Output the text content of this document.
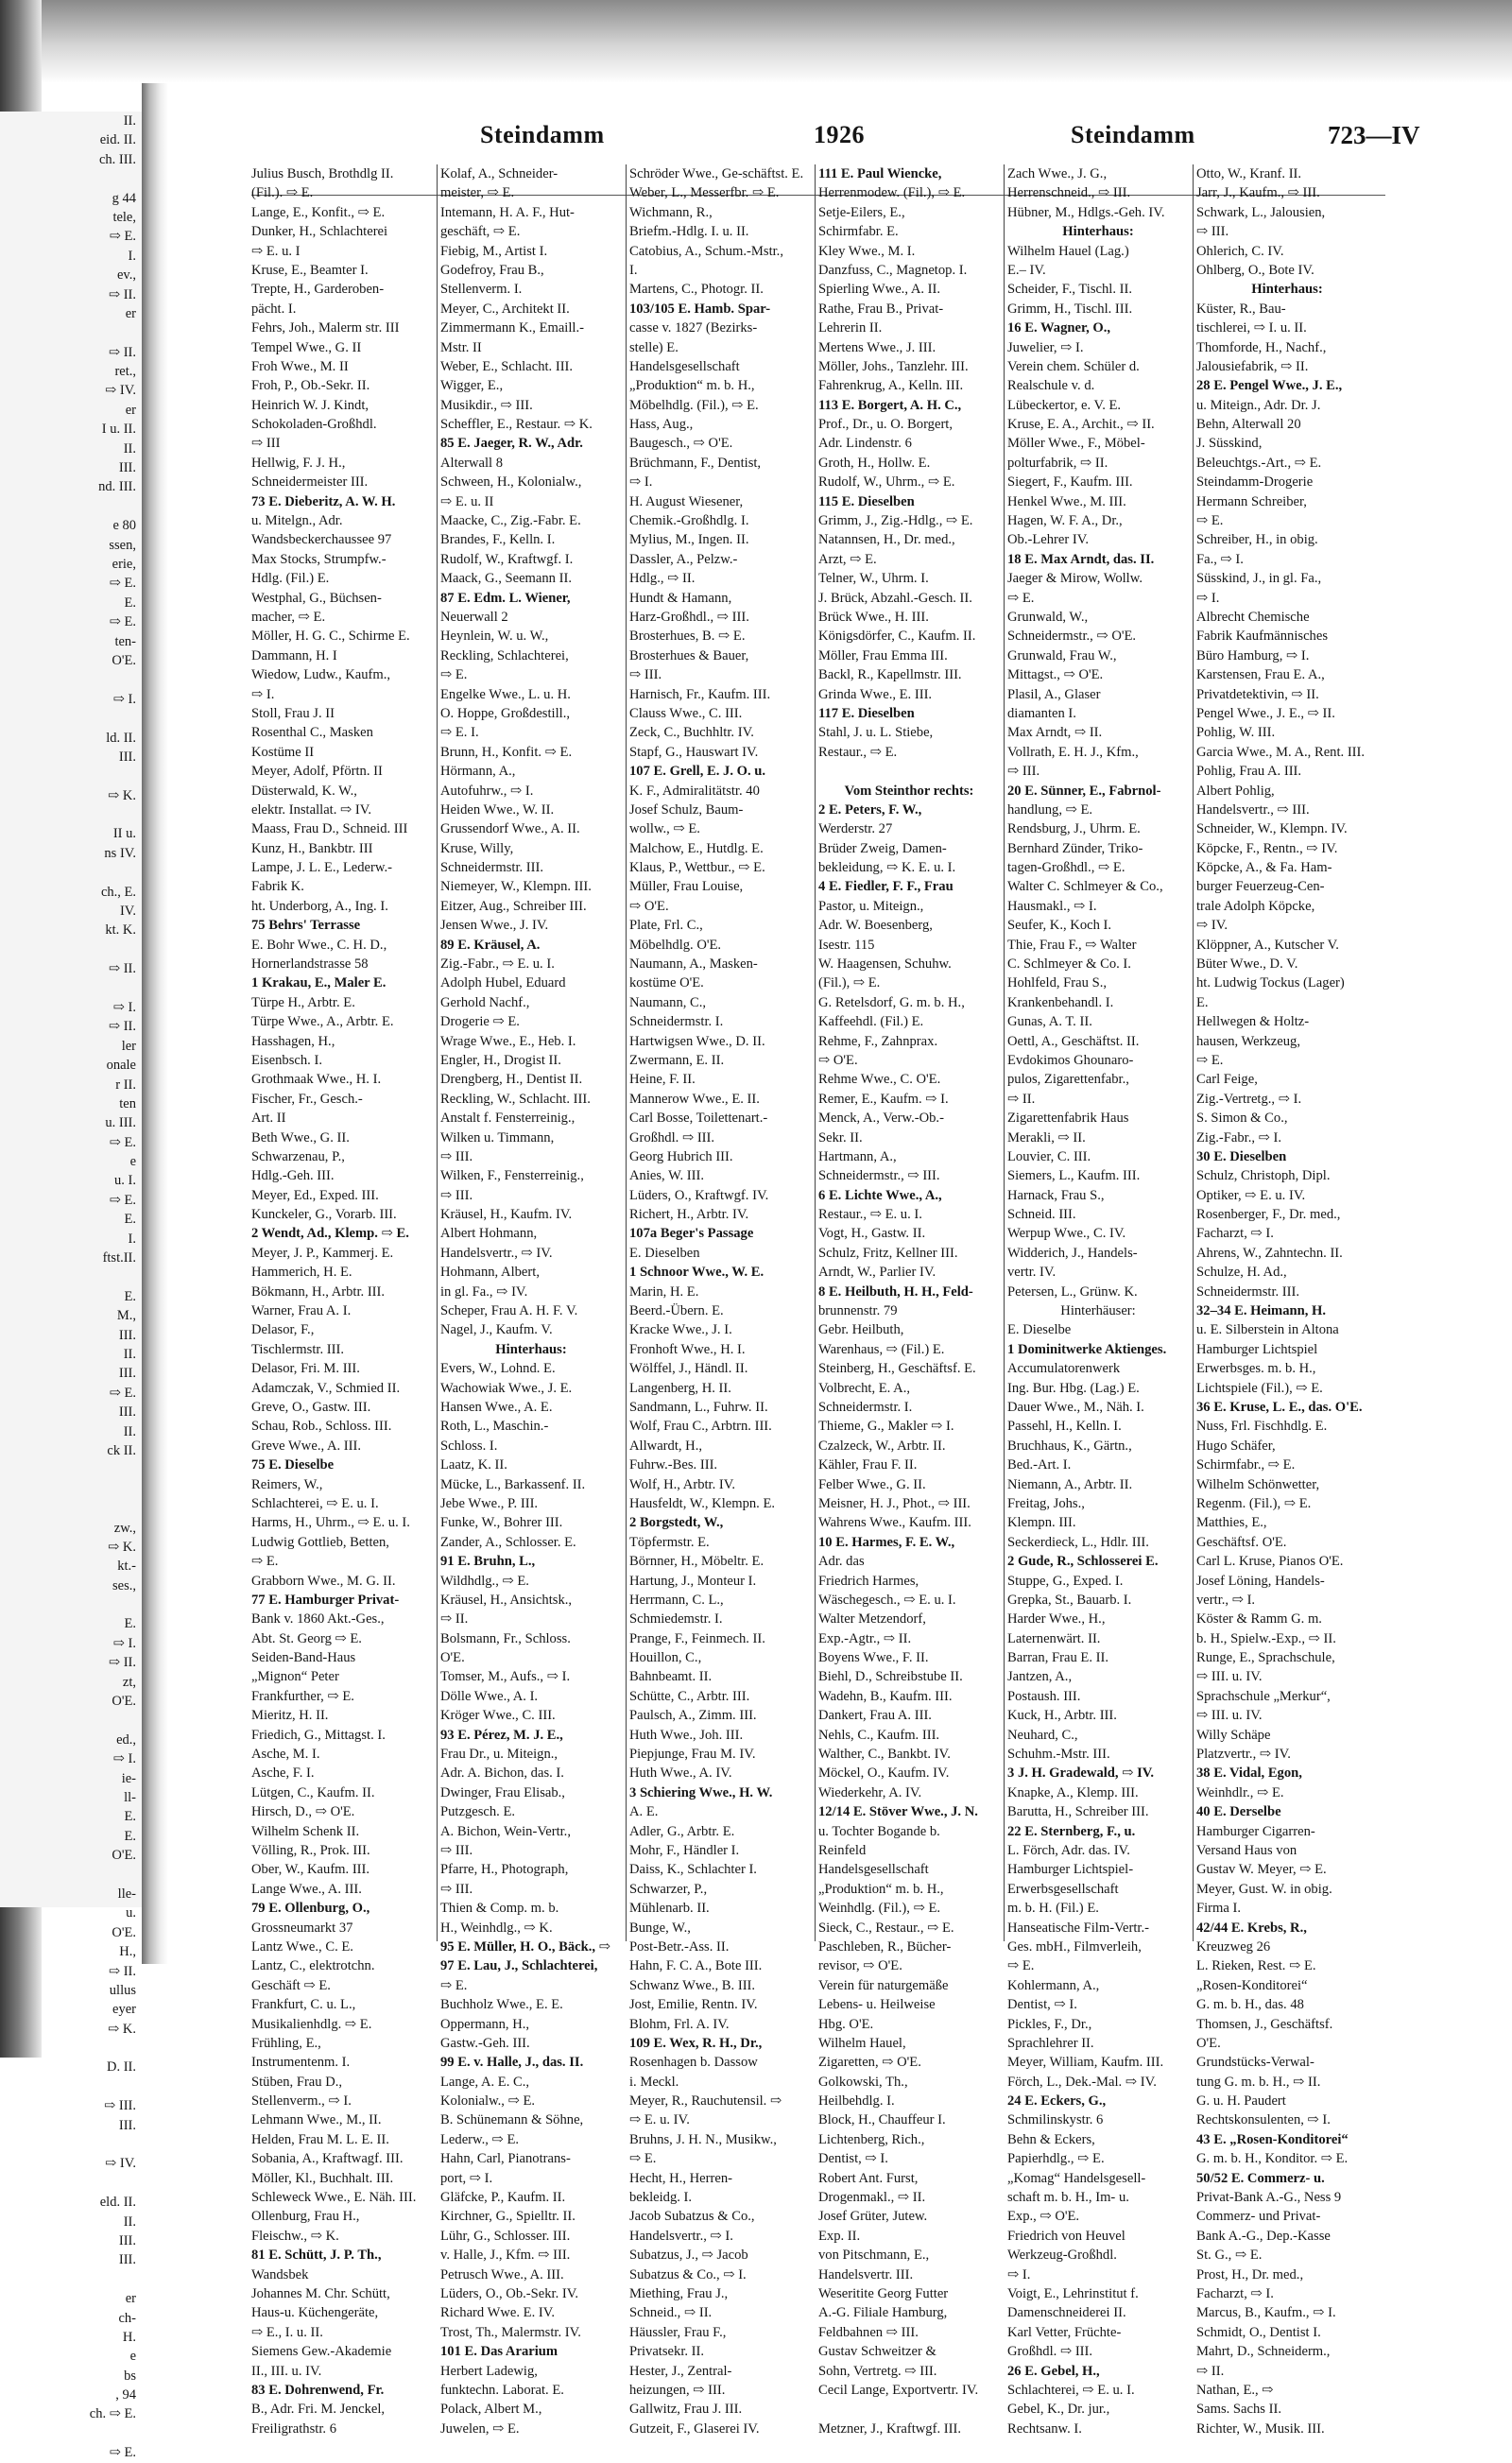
II.
eid. II.
ch. III.
g 44
tele,
⇨ E.
I.
ev.,
⇨ II.
er
⇨ II.
ret.,
⇨ IV.
er
I u. II.
II.
III.
nd. III.
e 80
ssen,
erie,
⇨ E.
E.
⇨ E.
ten-
O'E.
⇨ I.
ld. II.
III.
⇨ K.
II u.
ns IV.
ch., E.
IV.
kt. K.
⇨ II.
⇨ I.
⇨ II.
ler
onale
r II.
ten
u. III.
⇨ E.
e
u. I.
⇨ E.
E.
I.
ftst.II.
E.
M.,
III.
II.
III.
⇨ E.
III.
II.
ck II.
zw.,
⇨ K.
kt.-
ses.,
E.
⇨ I.
⇨ II.
zt,
O'E.
ed.,
⇨ I.
ie-
ll-
E.
E.
O'E.
lle-
u.
O'E.
H.,
⇨ II.
ullus
eyer
⇨ K.
D. II.
⇨ III.
III.
⇨ IV.
eld. II.
II.
III.
III.
er
ch-
H.
e
bs
, 94
ch. ⇨ E.
⇨ E.
Steindamm	1926	Steindamm	723—IV
Julius Busch, Brothdlg II.
(Fil.). ⇨ E.
Lange, E., Konfit., ⇨ E.
Dunker, H., Schlachterei
⇨ E. u. I
Kruse, E., Beamter I.
Trepte, H., Garderoben-
pächt. I.
Fehrs, Joh., Malerm str. III
Tempel Wwe., G. II
Froh Wwe., M. II
Froh, P., Ob.-Sekr. II.
Heinrich W. J. Kindt,
Schokoladen-Großhdl.
⇨ III
Hellwig, F. J. H.,
Schneidermeister III.
73 E. Dieberitz, A. W. H.
u. Mitelgn., Adr.
Wandsbeckerchaussee 97
Max Stocks, Strumpfw.-
Hdlg. (Fil.) E.
Westphal, G., Büchsen-
macher, ⇨ E.
Möller, H. G. C., Schirme E.
Dammann, H. I
Wiedow, Ludw., Kaufm.,
⇨ I.
Stoll, Frau J. II
Rosenthal C., Masken
Kostüme II
Meyer, Adolf, Pförtn. II
Düsterwald, K. W.,
elektr. Installat. ⇨ IV.
Maass, Frau D., Schneid. III
Kunz, H., Bankbtr. III
Lampe, J. L. E., Lederw.-
Fabrik K.
ht. Underborg, A., Ing. I.
75 Behrs' Terrasse
E. Bohr Wwe., C. H. D.,
Hornerlandstrasse 58
1 Krakau, E., Maler E.
Türpe H., Arbtr. E.
Türpe Wwe., A., Arbtr. E.
Hasshagen, H.,
Eisenbsch. I.
Grothmaak Wwe., H. I.
Fischer, Fr., Gesch.-
Art. II
Beth Wwe., G. II.
Schwarzenau, P.,
Hdlg.-Geh. III.
Meyer, Ed., Exped. III.
Kunckeler, G., Vorarb. III.
2 Wendt, Ad., Klemp. ⇨ E.
Meyer, J. P., Kammerj. E.
Hammerich, H. E.
Bökmann, H., Arbtr. III.
Warner, Frau A. I.
Delasor, F.,
Tischlermstr. III.
Delasor, Fri. M. III.
Adamczak, V., Schmied II.
Greve, O., Gastw. III.
Schau, Rob., Schloss. III.
Greve Wwe., A. III.
75 E. Dieselbe
Reimers, W.,
Schlachterei, ⇨ E. u. I.
Harms, H., Uhrm., ⇨ E. u. I.
Ludwig Gottlieb, Betten,
⇨ E.
Grabborn Wwe., M. G. II.
77 E. Hamburger Privat-
Bank v. 1860 Akt.-Ges.,
Abt. St. Georg ⇨ E.
Seiden-Band-Haus
„Mignon“ Peter
Frankfurther, ⇨ E.
Mieritz, H. II.
Friedich, G., Mittagst. I.
Asche, M. I.
Asche, F. I.
Lütgen, C., Kaufm. II.
Hirsch, D., ⇨ O'E.
Wilhelm Schenk II.
Völling, R., Prok. III.
Ober, W., Kaufm. III.
Lange Wwe., A. III.
79 E. Ollenburg, O.,
Grossneumarkt 37
Lantz Wwe., C. E.
Lantz, C., elektrotchn.
Geschäft ⇨ E.
Frankfurt, C. u. L.,
Musikalienhdlg. ⇨ E.
Frühling, E.,
Instrumentenm. I.
Stüben, Frau D.,
Stellenverm., ⇨ I.
Lehmann Wwe., M., II.
Helden, Frau M. L. E. II.
Sobania, A., Kraftwagf. III.
Möller, Kl., Buchhalt. III.
Schleweck Wwe., E. Näh. III.
Ollenburg, Frau H.,
Fleischw., ⇨ K.
81 E. Schütt, J. P. Th.,
Wandsbek
Johannes M. Chr. Schütt,
Haus-u. Küchengeräte,
⇨ E., I. u. II.
Siemens Gew.-Akademie
II., III. u. IV.
83 E. Dohrenwend, Fr.
B., Adr. Fri. M. Jenckel,
Freiligrathstr. 6
Kolaf, A., Schneider-
meister, ⇨ E.
Intemann, H. A. F., Hut-
geschäft, ⇨ E.
Fiebig, M., Artist I.
Godefroy, Frau B.,
Stellenverm. I.
Meyer, C., Architekt II.
Zimmermann K., Emaill.-
Mstr. II
Weber, E., Schlacht. III.
Wigger, E.,
Musikdir., ⇨ III.
Scheffler, E., Restaur. ⇨ K.
85 E. Jaeger, R. W., Adr.
Alterwall 8
Schween, H., Kolonialw.,
⇨ E. u. II
Maacke, C., Zig.-Fabr. E.
Brandes, F., Kelln. I.
Rudolf, W., Kraftwgf. I.
Maack, G., Seemann II.
87 E. Edm. L. Wiener,
Neuerwall 2
Heynlein, W. u. W.,
Reckling, Schlachterei,
⇨ E.
Engelke Wwe., L. u. H.
O. Hoppe, Großdestill.,
⇨ E. I.
Brunn, H., Konfit. ⇨ E.
Hörmann, A.,
Autofuhrw., ⇨ I.
Heiden Wwe., W. II.
Grussendorf Wwe., A. II.
Kruse, Willy,
Schneidermstr. III.
Niemeyer, W., Klempn. III.
Eitzer, Aug., Schreiber III.
Jensen Wwe., J. IV.
89 E. Kräusel, A.
Zig.-Fabr., ⇨ E. u. I.
Adolph Hubel, Eduard
Gerhold Nachf.,
Drogerie ⇨ E.
Wrage Wwe., E., Heb. I.
Engler, H., Drogist II.
Drengberg, H., Dentist II.
Reckling, W., Schlacht. III.
Anstalt f. Fensterreinig.,
Wilken u. Timmann,
⇨ III.
Wilken, F., Fensterreinig.,
⇨ III.
Kräusel, H., Kaufm. IV.
Albert Hohmann,
Handelsvertr., ⇨ IV.
Hohmann, Albert,
in gl. Fa., ⇨ IV.
Scheper, Frau A. H. F. V.
Nagel, J., Kaufm. V.
Hinterhaus:
Evers, W., Lohnd. E.
Wachowiak Wwe., J. E.
Hansen Wwe., A. E.
Roth, L., Maschin.-
Schloss. I.
Laatz, K. II.
Mücke, L., Barkassenf. II.
Jebe Wwe., P. III.
Funke, W., Bohrer III.
Zander, A., Schlosser. E.
91 E. Bruhn, L.,
Wildhdlg., ⇨ E.
Kräusel, H., Ansichtsk.,
⇨ II.
Bolsmann, Fr., Schloss.
O'E.
Tomser, M., Aufs., ⇨ I.
Dölle Wwe., A. I.
Kröger Wwe., C. III.
93 E. Pérez, M. J. E.,
Frau Dr., u. Miteign.,
Adr. A. Bichon, das. I.
Dwinger, Frau Elisab.,
Putzgesch. E.
A. Bichon, Wein-Vertr.,
⇨ III.
Pfarre, H., Photograph,
⇨ III.
Thien & Comp. m. b.
H., Weinhdlg., ⇨ K.
95 E. Müller, H. O., Bäck., ⇨
97 E. Lau, J., Schlachterei,
⇨ E.
Buchholz Wwe., E. E.
Oppermann, H.,
Gastw.-Geh. III.
99 E. v. Halle, J., das. II.
Lange, A. E. C.,
Kolonialw., ⇨ E.
B. Schünemann & Söhne,
Lederw., ⇨ E.
Hahn, Carl, Pianotrans-
port, ⇨ I.
Gläfcke, P., Kaufm. II.
Kirchner, G., Spielltr. II.
Lühr, G., Schlosser. III.
v. Halle, J., Kfm. ⇨ III.
Petrusch Wwe., A. III.
Lüders, O., Ob.-Sekr. IV.
Richard Wwe. E. IV.
Trost, Th., Malermstr. IV.
101 E. Das Ararium
Herbert Ladewig,
funktechn. Laborat. E.
Polack, Albert M.,
Juwelen, ⇨ E.
Schröder Wwe., Ge-schäftst. E.
Weber, L., Messerfbr. ⇨ E.
Wichmann, R.,
Briefm.-Hdlg. I. u. II.
Catobius, A., Schum.-Mstr.,
I.
Martens, C., Photogr. II.
103/105 E. Hamb. Spar-
casse v. 1827 (Bezirks-
stelle) E.
Handelsgesellschaft
„Produktion“ m. b. H.,
Möbelhdlg. (Fil.), ⇨ E.
Hass, Aug.,
Baugesch., ⇨ O'E.
Brüchmann, F., Dentist,
⇨ I.
H. August Wiesener,
Chemik.-Großhdlg. I.
Mylius, M., Ingen. II.
Dassler, A., Pelzw.-
Hdlg., ⇨ II.
Hundt & Hamann,
Harz-Großhdl., ⇨ III.
Brosterhues, B. ⇨ E.
Brosterhues & Bauer,
⇨ III.
Harnisch, Fr., Kaufm. III.
Clauss Wwe., C. III.
Zeck, C., Buchhltr. IV.
Stapf, G., Hauswart IV.
107 E. Grell, E. J. O. u.
K. F., Admiralitätstr. 40
Josef Schulz, Baum-
wollw., ⇨ E.
Malchow, E., Hutdlg. E.
Klaus, P., Wettbur., ⇨ E.
Müller, Frau Louise,
⇨ O'E.
Plate, Frl. C.,
Möbelhdlg. O'E.
Naumann, A., Masken-
kostüme O'E.
Naumann, C.,
Schneidermstr. I.
Hartwigsen Wwe., D. II.
Zwermann, E. II.
Heine, F. II.
Mannerow Wwe., E. II.
Carl Bosse, Toilettenart.-
Großhdl. ⇨ III.
Georg Hubrich III.
Anies, W. III.
Lüders, O., Kraftwgf. IV.
Richert, H., Arbtr. IV.
107a Beger's Passage
E. Dieselben
1 Schnoor Wwe., W. E.
Marin, H. E.
Beerd.-Übern. E.
Kracke Wwe., J. I.
Fronhoft Wwe., H. I.
Wölffel, J., Händl. II.
Langenberg, H. II.
Sandmann, L., Fuhrw. II.
Wolf, Frau C., Arbtrn. III.
Allwardt, H.,
Fuhrw.-Bes. III.
Wolf, H., Arbtr. IV.
Hausfeldt, W., Klempn. E.
2 Borgstedt, W.,
Töpfermstr. E.
Börnner, H., Möbeltr. E.
Hartung, J., Monteur I.
Herrmann, C. L.,
Schmiedemstr. I.
Prange, F., Feinmech. II.
Houillon, C.,
Bahnbeamt. II.
Schütte, C., Arbtr. III.
Paulsch, A., Zimm. III.
Huth Wwe., Joh. III.
Piepjunge, Frau M. IV.
Huth Wwe., A. IV.
3 Schiering Wwe., H. W.
A. E.
Adler, G., Arbtr. E.
Mohr, F., Händler I.
Daiss, K., Schlachter I.
Schwarzer, P.,
Mühlenarb. II.
Bunge, W.,
Post-Betr.-Ass. II.
Hahn, F. C. A., Bote III.
Schwanz Wwe., B. III.
Jost, Emilie, Rentn. IV.
Blohm, Frl. A. IV.
109 E. Wex, R. H., Dr.,
Rosenhagen b. Dassow
i. Meckl.
Meyer, R., Rauchutensil. ⇨
⇨ E. u. IV.
Bruhns, J. H. N., Musikw.,
⇨ E.
Hecht, H., Herren-
bekleidg. I.
Jacob Subatzus & Co.,
Handelsvertr., ⇨ I.
Subatzus, J., ⇨ Jacob
Subatzus & Co., ⇨ I.
Miething, Frau J.,
Schneid., ⇨ II.
Häussler, Frau F.,
Privatsekr. II.
Hester, J., Zentral-
heizungen, ⇨ III.
Gallwitz, Frau J. III.
Gutzeit, F., Glaserei IV.
111 E. Paul Wiencke,
Herrenmodew. (Fil.), ⇨ E.
Setje-Eilers, E.,
Schirmfabr. E.
Kley Wwe., M. I.
Danzfuss, C., Magnetop. I.
Spierling Wwe., A. II.
Rathe, Frau B., Privat-
Lehrerin II.
Mertens Wwe., J. III.
Möller, Johs., Tanzlehr. III.
Fahrenkrug, A., Kelln. III.
113 E. Borgert, A. H. C.,
Prof., Dr., u. O. Borgert,
Adr. Lindenstr. 6
Groth, H., Hollw. E.
Rudolf, W., Uhrm., ⇨ E.
115 E. Dieselben
Grimm, J., Zig.-Hdlg., ⇨ E.
Natannsen, H., Dr. med.,
Arzt, ⇨ E.
Telner, W., Uhrm. I.
J. Brück, Abzahl.-Gesch. II.
Brück Wwe., H. III.
Königsdörfer, C., Kaufm. II.
Möller, Frau Emma III.
Backl, R., Kapellmstr. III.
Grinda Wwe., E. III.
117 E. Dieselben
Stahl, J. u. L. Stiebe,
Restaur., ⇨ E.
Vom Steinthor rechts:
2 E. Peters, F. W.,
Werderstr. 27
Brüder Zweig, Damen-
bekleidung, ⇨ K. E. u. I.
4 E. Fiedler, F. F., Frau
Pastor, u. Miteign.,
Adr. W. Boesenberg,
Isestr. 115
W. Haagensen, Schuhw.
(Fil.), ⇨ E.
G. Retelsdorf, G. m. b. H.,
Kaffeehdl. (Fil.) E.
Rehme, F., Zahnprax.
⇨ O'E.
Rehme Wwe., C. O'E.
Remer, E., Kaufm. ⇨ I.
Menck, A., Verw.-Ob.-
Sekr. II.
Hartmann, A.,
Schneidermstr., ⇨ III.
6 E. Lichte Wwe., A.,
Restaur., ⇨ E. u. I.
Vogt, H., Gastw. II.
Schulz, Fritz, Kellner III.
Arndt, W., Parlier IV.
8 E. Heilbuth, H. H., Feld-
brunnenstr. 79
Gebr. Heilbuth,
Warenhaus, ⇨ (Fil.) E.
Steinberg, H., Geschäftsf. E.
Volbrecht, E. A.,
Schneidermstr. I.
Thieme, G., Makler ⇨ I.
Czalzeck, W., Arbtr. II.
Kähler, Frau F. II.
Felber Wwe., G. II.
Meisner, H. J., Phot., ⇨ III.
Wahrens Wwe., Kaufm. III.
10 E. Harmes, F. E. W.,
Adr. das
Friedrich Harmes,
Wäschegesch., ⇨ E. u. I.
Walter Metzendorf,
Exp.-Agtr., ⇨ II.
Boyens Wwe., F. II.
Biehl, D., Schreibstube II.
Wadehn, B., Kaufm. III.
Dankert, Frau A. III.
Nehls, C., Kaufm. III.
Walther, C., Bankbt. IV.
Möckel, O., Kaufm. IV.
Wiederkehr, A. IV.
12/14 E. Stöver Wwe., J. N.
u. Tochter Bogande b.
Reinfeld
Handelsgesellschaft
„Produktion“ m. b. H.,
Weinhdlg. (Fil.), ⇨ E.
Sieck, C., Restaur., ⇨ E.
Paschleben, R., Bücher-
revisor, ⇨ O'E.
Verein für naturgemäße
Lebens- u. Heilweise
Hbg. O'E.
Wilhelm Hauel,
Zigaretten, ⇨ O'E.
Golkowski, Th.,
Heilbehdlg. I.
Block, H., Chauffeur I.
Lichtenberg, Rich.,
Dentist, ⇨ I.
Robert Ant. Furst,
Drogenmakl., ⇨ II.
Josef Grüter, Jutew.
Exp. II.
von Pitschmann, E.,
Handelsvertr. III.
Weseritite Georg Futter
A.-G. Filiale Hamburg,
Feldbahnen ⇨ III.
Gustav Schweitzer &
Sohn, Vertretg. ⇨ III.
Cecil Lange, Exportvertr. IV.
Metzner, J., Kraftwgf. III.
Zach Wwe., J. G.,
Herrenschneid., ⇨ III.
Hübner, M., Hdlgs.-Geh. IV.
Hinterhaus:
Wilhelm Hauel (Lag.)
E.– IV.
Scheider, F., Tischl. II.
Grimm, H., Tischl. III.
16 E. Wagner, O.,
Juwelier, ⇨ I.
Verein chem. Schüler d.
Realschule v. d.
Lübeckertor, e. V. E.
Kruse, E. A., Archit., ⇨ II.
Möller Wwe., F., Möbel-
polturfabrik, ⇨ II.
Siegert, F., Kaufm. III.
Henkel Wwe., M. III.
Hagen, W. F. A., Dr.,
Ob.-Lehrer IV.
18 E. Max Arndt, das. II.
Jaeger & Mirow, Wollw.
⇨ E.
Grunwald, W.,
Schneidermstr., ⇨ O'E.
Grunwald, Frau W.,
Mittagst., ⇨ O'E.
Plasil, A., Glaser
diamanten I.
Max Arndt, ⇨ II.
Vollrath, E. H. J., Kfm.,
⇨ III.
20 E. Sünner, E., Fabrnol-
handlung, ⇨ E.
Rendsburg, J., Uhrm. E.
Bernhard Zünder, Triko-
tagen-Großhdl., ⇨ E.
Walter C. Schlmeyer & Co.,
Hausmakl., ⇨ I.
Seufer, K., Koch I.
Thie, Frau F., ⇨ Walter
C. Schlmeyer & Co. I.
Hohlfeld, Frau S.,
Krankenbehandl. I.
Gunas, A. T. II.
Oettl, A., Geschäftst. II.
Evdokimos Ghounaro-
pulos, Zigarettenfabr.,
⇨ II.
Zigarettenfabrik Haus
Merakli, ⇨ II.
Louvier, C. III.
Siemers, L., Kaufm. III.
Harnack, Frau S.,
Schneid. III.
Werpup Wwe., C. IV.
Widderich, J., Handels-
vertr. IV.
Petersen, L., Grünw. K.
Hinterhäuser:
E. Dieselbe
1 Dominitwerke Aktienges.
Accumulatorenwerk
Ing. Bur. Hbg. (Lag.) E.
Dauer Wwe., M., Näh. I.
Passehl, H., Kelln. I.
Bruchhaus, K., Gärtn.,
Bed.-Art. I.
Niemann, A., Arbtr. II.
Freitag, Johs.,
Klempn. III.
Seckerdieck, L., Hdlr. III.
2 Gude, R., Schlosserei E.
Stuppe, G., Exped. I.
Grepka, St., Bauarb. I.
Harder Wwe., H.,
Laternenwärt. II.
Barran, Frau E. II.
Jantzen, A.,
Postaush. III.
Kuck, H., Arbtr. III.
Neuhard, C.,
Schuhm.-Mstr. III.
3 J. H. Gradewald, ⇨ IV.
Knapke, A., Klemp. III.
Barutta, H., Schreiber III.
22 E. Sternberg, F., u.
L. Förch, Adr. das. IV.
Hamburger Lichtspiel-
Erwerbsgesellschaft
m. b. H. (Fil.) E.
Hanseatische Film-Vertr.-
Ges. mbH., Filmverleih,
⇨ E.
Kohlermann, A.,
Dentist, ⇨ I.
Pickles, F., Dr.,
Sprachlehrer II.
Meyer, William, Kaufm. III.
Förch, L., Dek.-Mal. ⇨ IV.
24 E. Eckers, G.,
Schmilinskystr. 6
Behn & Eckers,
Papierhdlg., ⇨ E.
„Komag“ Handelsgesell-
schaft m. b. H., Im- u.
Exp., ⇨ O'E.
Friedrich von Heuvel
Werkzeug-Großhdl.
⇨ I.
Voigt, E., Lehrinstitut f.
Damenschneiderei II.
Karl Vetter, Früchte-
Großhdl. ⇨ III.
26 E. Gebel, H.,
Schlachterei, ⇨ E. u. I.
Gebel, K., Dr. jur.,
Rechtsanw. I.
Otto, W., Kranf. II.
Jarr, J., Kaufm., ⇨ III.
Schwark, L., Jalousien,
⇨ III.
Ohlerich, C. IV.
Ohlberg, O., Bote IV.
Hinterhaus:
Küster, R., Bau-
tischlerei, ⇨ I. u. II.
Thomforde, H., Nachf.,
Jalousiefabrik, ⇨ II.
28 E. Pengel Wwe., J. E.,
u. Miteign., Adr. Dr. J.
Behn, Alterwall 20
J. Süsskind,
Beleuchtgs.-Art., ⇨ E.
Steindamm-Drogerie
Hermann Schreiber,
⇨ E.
Schreiber, H., in obig.
Fa., ⇨ I.
Süsskind, J., in gl. Fa.,
⇨ I.
Albrecht Chemische
Fabrik Kaufmännisches
Büro Hamburg, ⇨ I.
Karstensen, Frau E. A.,
Privatdetektivin, ⇨ II.
Pengel Wwe., J. E., ⇨ II.
Pohlig, W. III.
Garcia Wwe., M. A., Rent. III.
Pohlig, Frau A. III.
Albert Pohlig,
Handelsvertr., ⇨ III.
Schneider, W., Klempn. IV.
Köpcke, F., Rentn., ⇨ IV.
Köpcke, A., & Fa. Ham-
burger Feuerzeug-Cen-
trale Adolph Köpcke,
⇨ IV.
Klöppner, A., Kutscher V.
Büter Wwe., D. V.
ht. Ludwig Tockus (Lager)
E.
Hellwegen & Holtz-
hausen, Werkzeug,
⇨ E.
Carl Feige,
Zig.-Vertretg., ⇨ I.
S. Simon & Co.,
Zig.-Fabr., ⇨ I.
30 E. Dieselben
Schulz, Christoph, Dipl.
Optiker, ⇨ E. u. IV.
Rosenberger, F., Dr. med.,
Facharzt, ⇨ I.
Ahrens, W., Zahntechn. II.
Schulze, H. Ad.,
Schneidermstr. III.
32–34 E. Heimann, H.
u. E. Silberstein in Altona
Hamburger Lichtspiel
Erwerbsges. m. b. H.,
Lichtspiele (Fil.), ⇨ E.
36 E. Kruse, L. E., das. O'E.
Nuss, Frl. Fischhdlg. E.
Hugo Schäfer,
Schirmfabr., ⇨ E.
Wilhelm Schönwetter,
Regenm. (Fil.), ⇨ E.
Matthies, E.,
Geschäftsf. O'E.
Carl L. Kruse, Pianos O'E.
Josef Löning, Handels-
vertr., ⇨ I.
Köster & Ramm G. m.
b. H., Spielw.-Exp., ⇨ II.
Runge, E., Sprachschule,
⇨ III. u. IV.
Sprachschule „Merkur“,
⇨ III. u. IV.
Willy Schäpe
Platzvertr., ⇨ IV.
38 E. Vidal, Egon,
Weinhdlr., ⇨ E.
40 E. Derselbe
Hamburger Cigarren-
Versand Haus von
Gustav W. Meyer, ⇨ E.
Meyer, Gust. W. in obig.
Firma I.
42/44 E. Krebs, R.,
Kreuzweg 26
L. Rieken, Rest. ⇨ E.
„Rosen-Konditorei“
G. m. b. H., das. 48
Thomsen, J., Geschäftsf.
O'E.
Grundstücks-Verwal-
tung G. m. b. H., ⇨ II.
G. u. H. Paudert
Rechtskonsulenten, ⇨ I.
43 E. „Rosen-Konditorei“
G. m. b. H., Konditor. ⇨ E.
50/52 E. Commerz- u.
Privat-Bank A.-G., Ness 9
Commerz- und Privat-
Bank A.-G., Dep.-Kasse
St. G., ⇨ E.
Prost, H., Dr. med.,
Facharzt, ⇨ I.
Marcus, B., Kaufm., ⇨ I.
Schmidt, O., Dentist I.
Mahrt, D., Schneiderm.,
⇨ II.
Nathan, E., ⇨
Sams. Sachs II.
Richter, W., Musik. III.
